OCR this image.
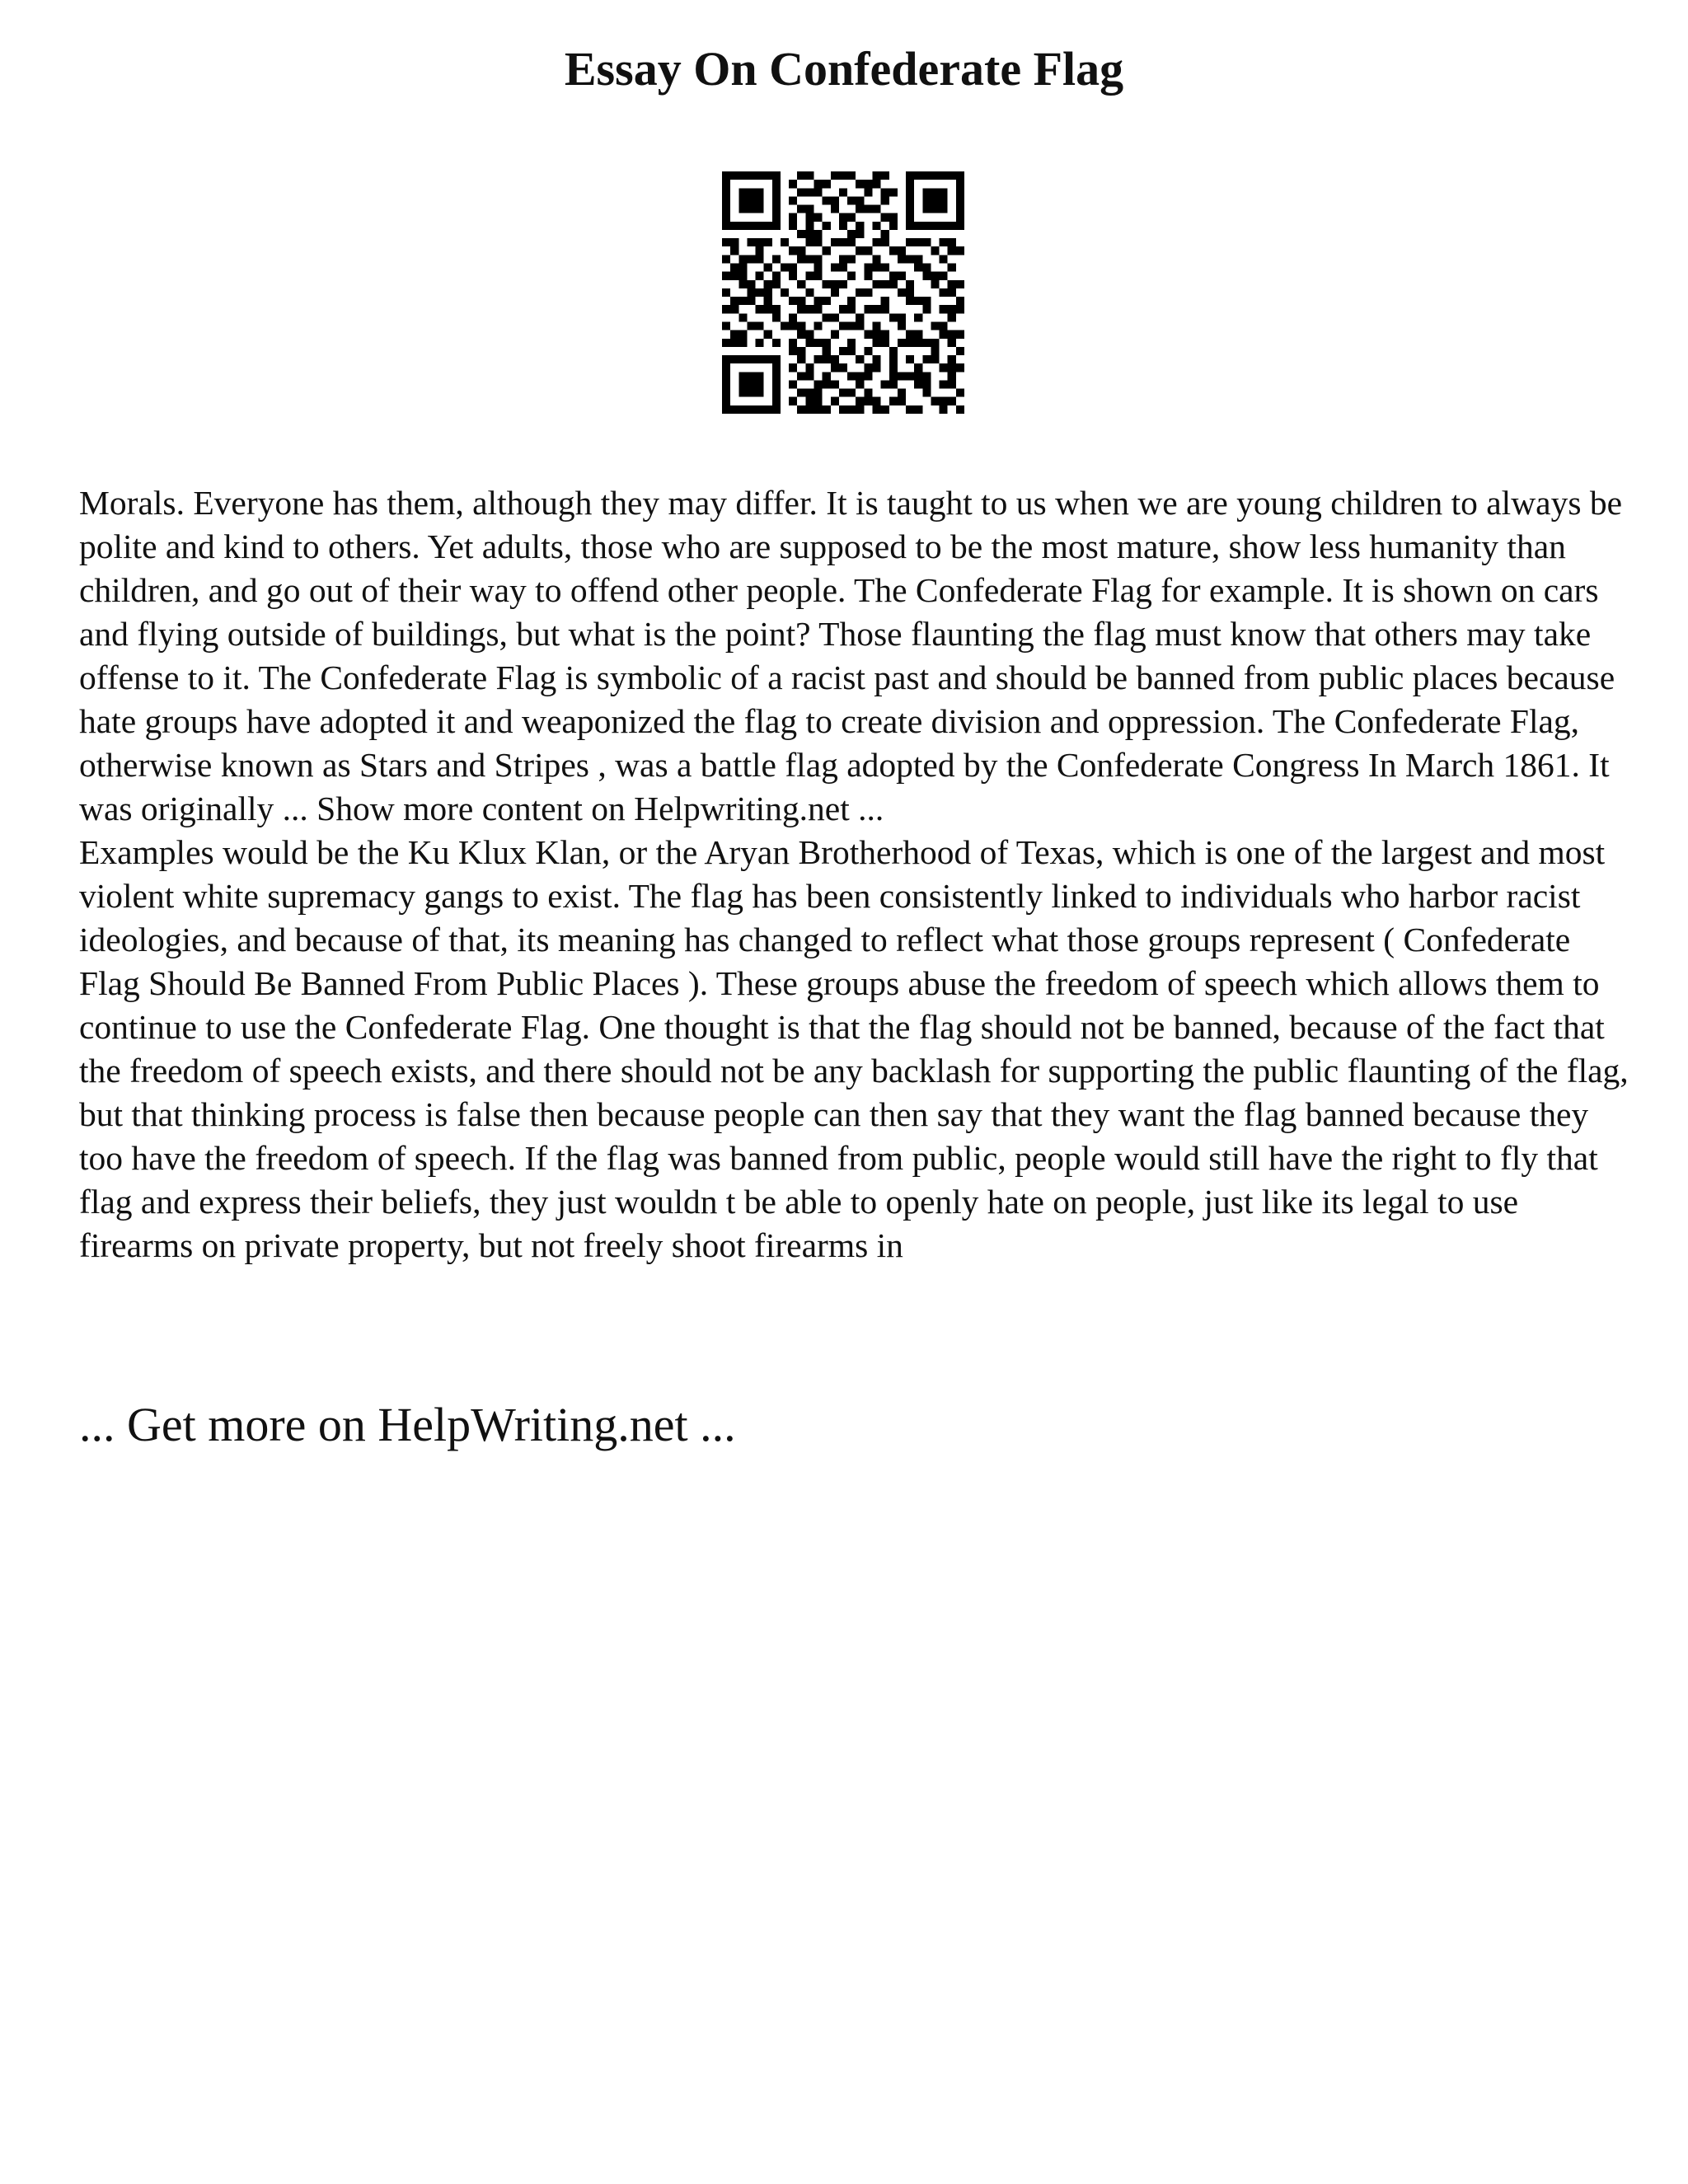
Essay On Confederate Flag

Morals. Everyone has them, although they may differ. It is taught to us when we are young children to always be polite and kind to others. Yet adults, those who are supposed to be the most mature, show less humanity than children, and go out of their way to offend other people. The Confederate Flag for example. It is shown on cars and flying outside of buildings, but what is the point? Those flaunting the flag must know that others may take offense to it. The Confederate Flag is symbolic of a racist past and should be banned from public places because hate groups have adopted it and weaponized the flag to create division and oppression. The Confederate Flag, otherwise known as Stars and Stripes , was a battle flag adopted by the Confederate Congress In March 1861. It was originally ... Show more content on Helpwriting.net ...

Examples would be the Ku Klux Klan, or the Aryan Brotherhood of Texas, which is one of the largest and most violent white supremacy gangs to exist. The flag has been consistently linked to individuals who harbor racist ideologies, and because of that, its meaning has changed to reflect what those groups represent ( Confederate Flag Should Be Banned From Public Places ). These groups abuse the freedom of speech which allows them to continue to use the Confederate Flag. One thought is that the flag should not be banned, because of the fact that the freedom of speech exists, and there should not be any backlash for supporting the public flaunting of the flag, but that thinking process is false then because people can then say that they want the flag banned because they too have the freedom of speech. If the flag was banned from public, people would still have the right to fly that flag and express their beliefs, they just wouldn t be able to openly hate on people, just like its legal to use firearms on private property, but not freely shoot firearms in

... Get more on HelpWriting.net ...
